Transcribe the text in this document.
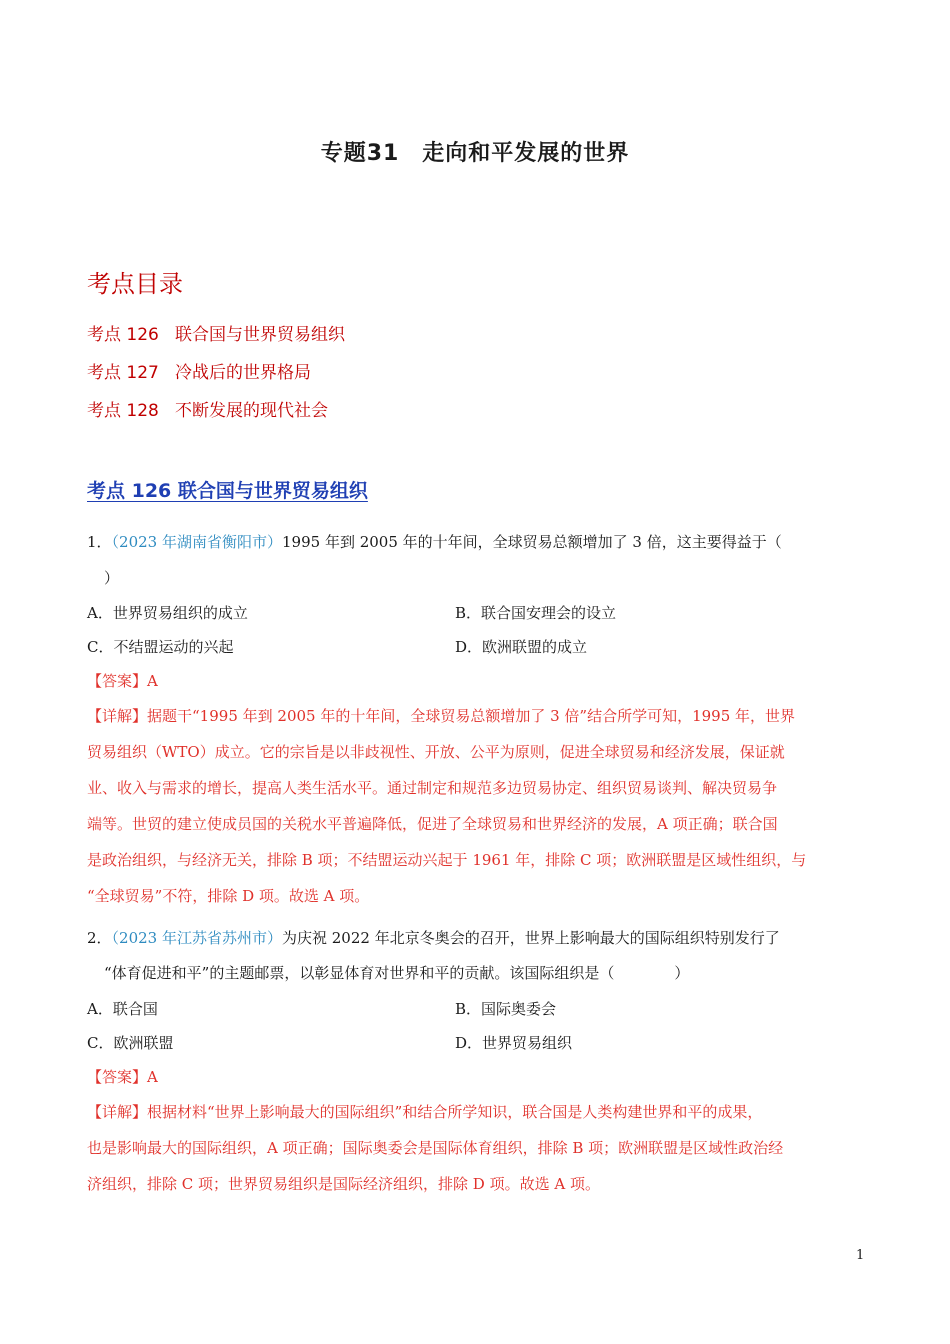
专题31　走向和平发展的世界
考点目录
考点 126 联合国与世界贸易组织
考点 127 冷战后的世界格局
考点 128 不断发展的现代社会
考点 126 联合国与世界贸易组织
1．（2023 年湖南省衡阳市）1995 年到 2005 年的十年间，全球贸易总额增加了 3 倍，这主要得益于（
）
A．世界贸易组织的成立	B．联合国安理会的设立
C．不结盟运动的兴起	D．欧洲联盟的成立
【答案】A
【详解】据题干“1995 年到 2005 年的十年间，全球贸易总额增加了 3 倍”结合所学可知，1995 年，世界
贸易组织（WTO）成立。它的宗旨是以非歧视性、开放、公平为原则，促进全球贸易和经济发展，保证就
业、收入与需求的增长，提高人类生活水平。通过制定和规范多边贸易协定、组织贸易谈判、解决贸易争
端等。世贸的建立使成员国的关税水平普遍降低，促进了全球贸易和世界经济的发展，A 项正确；联合国
是政治组织，与经济无关，排除 B 项；不结盟运动兴起于 1961 年，排除 C 项；欧洲联盟是区域性组织，与
“全球贸易”不符，排除 D 项。故选 A 项。
2．（2023 年江苏省苏州市）为庆祝 2022 年北京冬奥会的召开，世界上影响最大的国际组织特别发行了
“体育促进和平”的主题邮票，以彰显体育对世界和平的贡献。该国际组织是（　　　　）
A．联合国	B．国际奥委会
C．欧洲联盟	D．世界贸易组织
【答案】A
【详解】根据材料“世界上影响最大的国际组织”和结合所学知识，联合国是人类构建世界和平的成果，
也是影响最大的国际组织，A 项正确；国际奥委会是国际体育组织，排除 B 项；欧洲联盟是区域性政治经
济组织，排除 C 项；世界贸易组织是国际经济组织，排除 D 项。故选 A 项。
1
